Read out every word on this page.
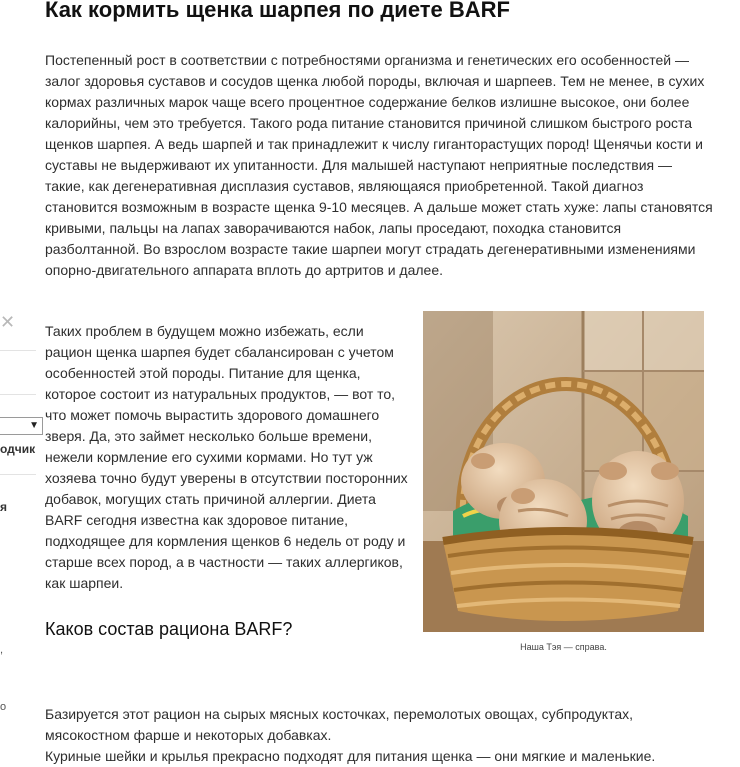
✕
▼
одчик
я
,
о
Как кормить щенка шарпея по диете BARF

Постепенный рост в соответствии с потребностями организма и генетических его особенностей — залог здоровья суставов и сосудов щенка любой породы, включая и шарпеев. Тем не менее, в сухих кормах различных марок чаще всего процентное содержание белков излишне высокое, они более калорийны, чем это требуется. Такого рода питание становится причиной слишком быстрого роста щенков шарпея. А ведь шарпей и так принадлежит к числу гиганторастущих пород! Щенячьи кости и суставы не выдерживают их упитанности. Для малышей наступают неприятные последствия — такие, как дегенеративная дисплазия суставов, являющаяся приобретенной. Такой диагноз становится возможным в возрасте щенка 9-10 месяцев. А дальше может стать хуже: лапы становятся кривыми, пальцы на лапах заворачиваются набок, лапы проседают, походка становится разболтанной. Во взрослом возрасте такие шарпеи могут страдать дегенеративными изменениями опорно-двигательного аппарата вплоть до артритов и далее.

Таких проблем в будущем можно избежать, если рацион щенка шарпея будет сбалансирован с учетом особенностей этой породы. Питание для щенка, которое состоит из натуральных продуктов, — вот то, что может помочь вырастить здорового домашнего зверя. Да, это займет несколько больше времени, нежели кормление его сухими кормами. Но тут уж хозяева точно будут уверены в отсутствии посторонних добавок, могущих стать причиной аллергии. Диета BARF сегодня известна как здоровое питание, подходящее для кормления щенков 6 недель от роду и старше всех пород, а в частности — таких аллергиков, как шарпеи.

Наша Тэя — справа.
Каков состав рациона BARF?

Базируется этот рацион на сырых мясных косточках, перемолотых овощах, субпродуктах, мясокостном фарше и некоторых добавках.
Куриные шейки и крылья прекрасно подходят для питания щенка — они мягкие и маленькие.
